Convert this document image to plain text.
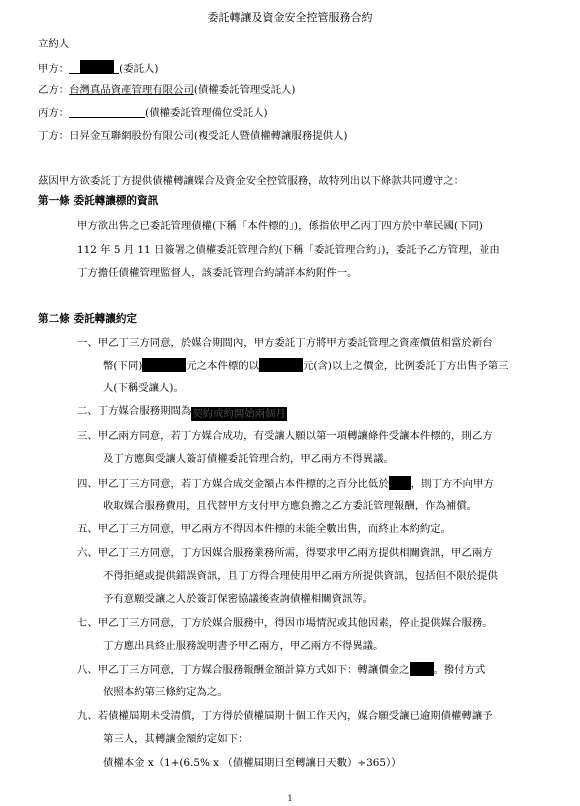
委託轉讓及資金安全控管服務合約
立約人
甲方：	(委託人)
乙方：台灣真品資產管理有限公司(債權委託管理受託人)
丙方：	(債權委託管理備位受託人)
丁方：日昇金互聯網股份有限公司(複受託人暨債權轉讓服務提供人)
茲因甲方欲委託丁方提供債權轉讓媒合及資金安全控管服務，故特列出以下條款共同遵守之：
第一條 委託轉讓標的資訊
甲方欲出售之已委託管理債權(下稱「本件標的」)，係指依甲乙丙丁四方於中華民國(下同)
112 年 5 月 11 日簽署之債權委託管理合約(下稱「委託管理合約」)，委託予乙方管理，並由
丁方擔任債權管理監督人，該委託管理合約請詳本約附件一。
第二條 委託轉讓約定
一、甲乙丁三方同意，於媒合期間內，甲方委託丁方將甲方委託管理之資產價值相當於新台
幣(下同)	元之本件標的以	元(含)以上之價金，比例委託丁方出售予第三
人(下稱受讓人)。
二、丁方媒合服務期間為契約成約開始兩個月
三、甲乙兩方同意，若丁方媒合成功，有受讓人願以第一項轉讓條件受讓本件標的，則乙方
及丁方應與受讓人簽訂債權委託管理合約，甲乙兩方不得異議。
四、甲乙丁三方同意，若丁方媒合成交金額占本件標的之百分比低於 ，則丁方不向甲方
收取媒合服務費用，且代替甲方支付甲方應負擔之乙方委託管理報酬，作為補償。
五、甲乙丁三方同意，甲乙兩方不得因本件標的未能全數出售，而終止本約約定。
六、甲乙丁三方同意，丁方因媒合服務業務所需，得要求甲乙兩方提供相關資訊，甲乙兩方
不得拒絕或提供錯誤資訊，且丁方得合理使用甲乙兩方所提供資訊，包括但不限於提供
予有意願受讓之人於簽訂保密協議後查詢債權相關資訊等。
七、甲乙丁三方同意，丁方於媒合服務中，得因市場情況或其他因素，停止提供媒合服務。
丁方應出具終止服務說明書予甲乙兩方，甲乙兩方不得異議。
八、甲乙丁三方同意，丁方媒合服務報酬金額計算方式如下：轉讓價金之 。撥付方式
依照本約第三條約定為之。
九、若債權屆期未受清償，丁方得於債權屆期十個工作天內，媒合願受讓已逾期債權轉讓予
第三人，其轉讓金額約定如下：
債權本金 x（1+(6.5% x （債權屆期日至轉讓日天數）÷365））
1
